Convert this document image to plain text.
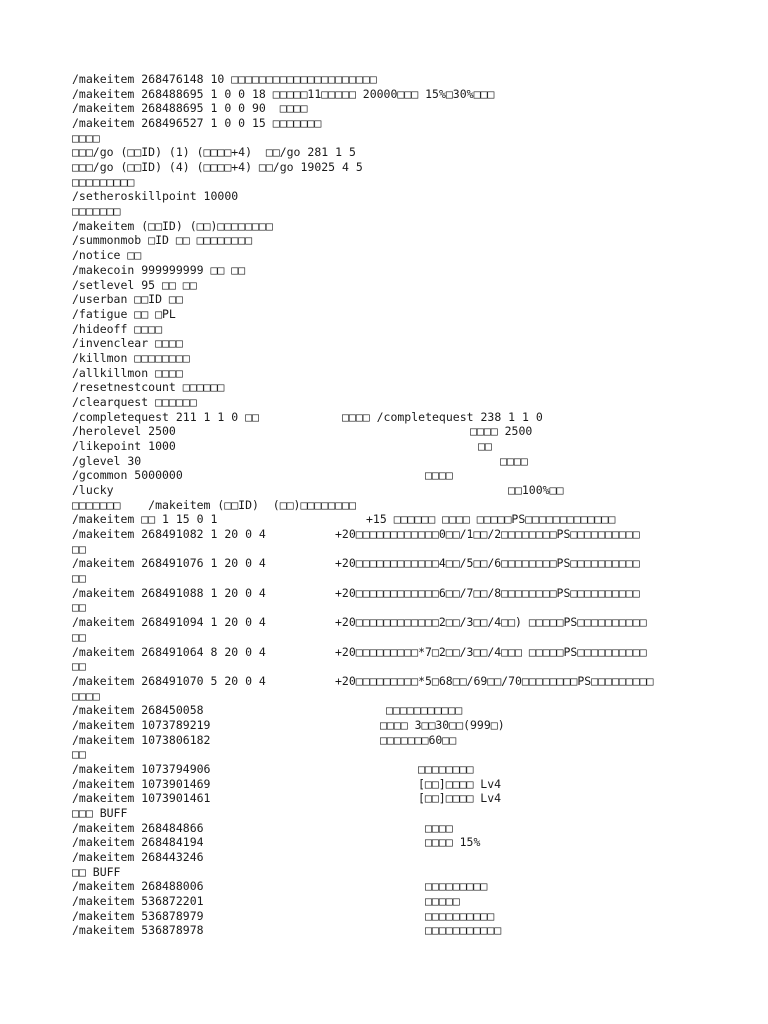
/makeitem 268476148 10 □□□□□□□□□□□□□□□□□□□□□
/makeitem 268488695 1 0 0 18 □□□□□11□□□□□ 20000□□□ 15%□30%□□□
/makeitem 268488695 1 0 0 90  □□□□
/makeitem 268496527 1 0 0 15 □□□□□□□
□□□□
□□□/go (□□ID) (1) (□□□□+4)  □□/go 281 1 5
□□□/go (□□ID) (4) (□□□□+4) □□/go 19025 4 5
□□□□□□□□□
/setheroskillpoint 10000
□□□□□□□
/makeitem (□□ID) (□□)□□□□□□□□
/summonmob □ID □□ □□□□□□□□
/notice □□
/makecoin 999999999 □□ □□
/setlevel 95 □□ □□
/userban □□ID □□
/fatigue □□ □PL
/hideoff □□□□
/invenclear □□□□
/killmon □□□□□□□□
/allkillmon □□□□
/resetnestcount □□□□□□
/clearquest □□□□□□
/completequest 211 1 1 0 □□	□□□□ /completequest 238 1 1 0
/herolevel 2500	□□□□ 2500
/likepoint 1000	□□
/glevel 30	□□□□
/gcommon 5000000	□□□□
/lucky	□□100%□□
□□□□□□□    /makeitem (□□ID)  (□□)□□□□□□□□
/makeitem □□ 1 15 0 1	+15 □□□□□□ □□□□ □□□□□PS□□□□□□□□□□□□□
/makeitem 268491082 1 20 0 4	+20□□□□□□□□□□□□0□□/1□□/2□□□□□□□□PS□□□□□□□□□□
□□
/makeitem 268491076 1 20 0 4	+20□□□□□□□□□□□□4□□/5□□/6□□□□□□□□PS□□□□□□□□□□
□□
/makeitem 268491088 1 20 0 4	+20□□□□□□□□□□□□6□□/7□□/8□□□□□□□□PS□□□□□□□□□□
□□
/makeitem 268491094 1 20 0 4	+20□□□□□□□□□□□□2□□/3□□/4□□) □□□□□PS□□□□□□□□□□
□□
/makeitem 268491064 8 20 0 4	+20□□□□□□□□□*7□2□□/3□□/4□□□ □□□□□PS□□□□□□□□□□
□□
/makeitem 268491070 5 20 0 4	+20□□□□□□□□□*5□68□□/69□□/70□□□□□□□□PS□□□□□□□□□
□□□□
/makeitem 268450058	□□□□□□□□□□□
/makeitem 1073789219	□□□□ 3□□30□□(999□)
/makeitem 1073806182	□□□□□□□60□□
□□
/makeitem 1073794906	□□□□□□□□
/makeitem 1073901469	[□□]□□□□ Lv4
/makeitem 1073901461	[□□]□□□□ Lv4
□□□ BUFF
/makeitem 268484866	□□□□
/makeitem 268484194	□□□□ 15%
/makeitem 268443246
□□ BUFF
/makeitem 268488006	□□□□□□□□□
/makeitem 536872201	□□□□□
/makeitem 536878979	□□□□□□□□□□
/makeitem 536878978	□□□□□□□□□□□
